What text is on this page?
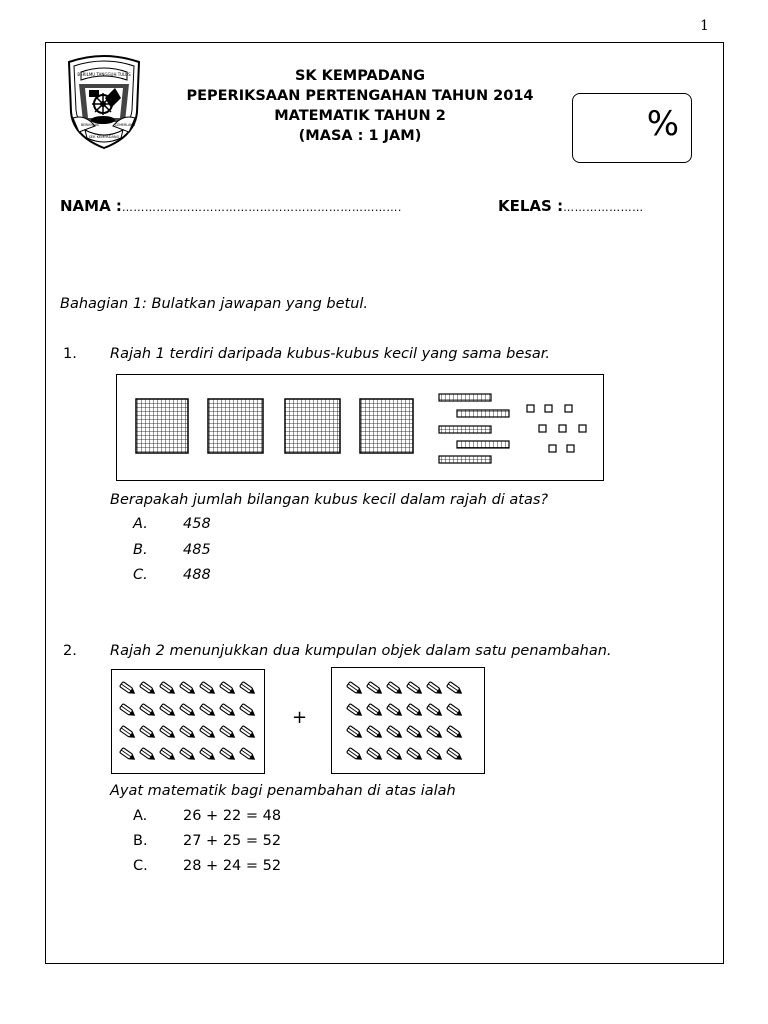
1
BERILMU TANGGUH TULUS
BERIKHLAS	CEMERLANG
SEK KEMPADANG
SK KEMPADANG
PEPERIKSAAN PERTENGAHAN TAHUN 2014
MATEMATIK TAHUN 2
(MASA : 1 JAM)	%
NAMA :……………………………………………………………….	KELAS :…………………
Bahagian 1: Bulatkan jawapan yang betul.
1. Rajah 1 terdiri daripada kubus-kubus kecil yang sama besar.
Berapakah jumlah bilangan kubus kecil dalam rajah di atas?
A. 458
B. 485
C. 488
2. Rajah 2 menunjukkan dua kumpulan objek dalam satu penambahan.
+
Ayat matematik bagi penambahan di atas ialah
A. 26 + 22 = 48
B. 27 + 25 = 52
C. 28 + 24 = 52
